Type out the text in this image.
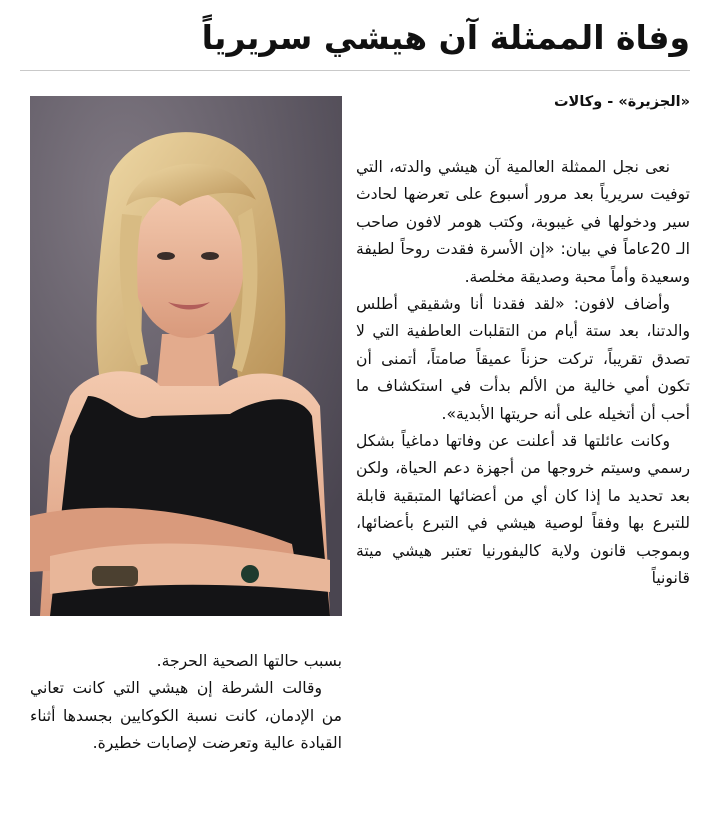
وفاة الممثلة آن هيشي سريرياً
«الجزيرة» - وكالات

نعى نجل الممثلة العالمية آن هيشي والدته، التي توفيت سريرياً بعد مرور أسبوع على تعرضها لحادث سير ودخولها في غيبوبة، وكتب هومر لافون صاحب الـ 20عاماً في بيان: «إن الأسرة فقدت روحاً لطيفة وسعيدة وأماً محبة وصديقة مخلصة.

وأضاف لافون: «لقد فقدنا أنا وشقيقي أطلس والدتنا، بعد ستة أيام من التقلبات العاطفية التي لا تصدق تقريباً، تركت حزناً عميقاً صامتاً، أتمنى أن تكون أمي خالية من الألم بدأت في استكشاف ما أحب أن أتخيله على أنه حريتها الأبدية».

وكانت عائلتها قد أعلنت عن وفاتها دماغياً بشكل رسمي وسيتم خروجها من أجهزة دعم الحياة، ولكن بعد تحديد ما إذا كان أي من أعضائها المتبقية قابلة للتبرع بها وفقاً لوصية هيشي في التبرع بأعضائها، وبموجب قانون ولاية كاليفورنيا تعتبر هيشي ميتة قانونياً

بسبب حالتها الصحية الحرجة.

وقالت الشرطة إن هيشي التي كانت تعاني من الإدمان، كانت نسبة الكوكايين بجسدها أثناء القيادة عالية وتعرضت لإصابات خطيرة.
